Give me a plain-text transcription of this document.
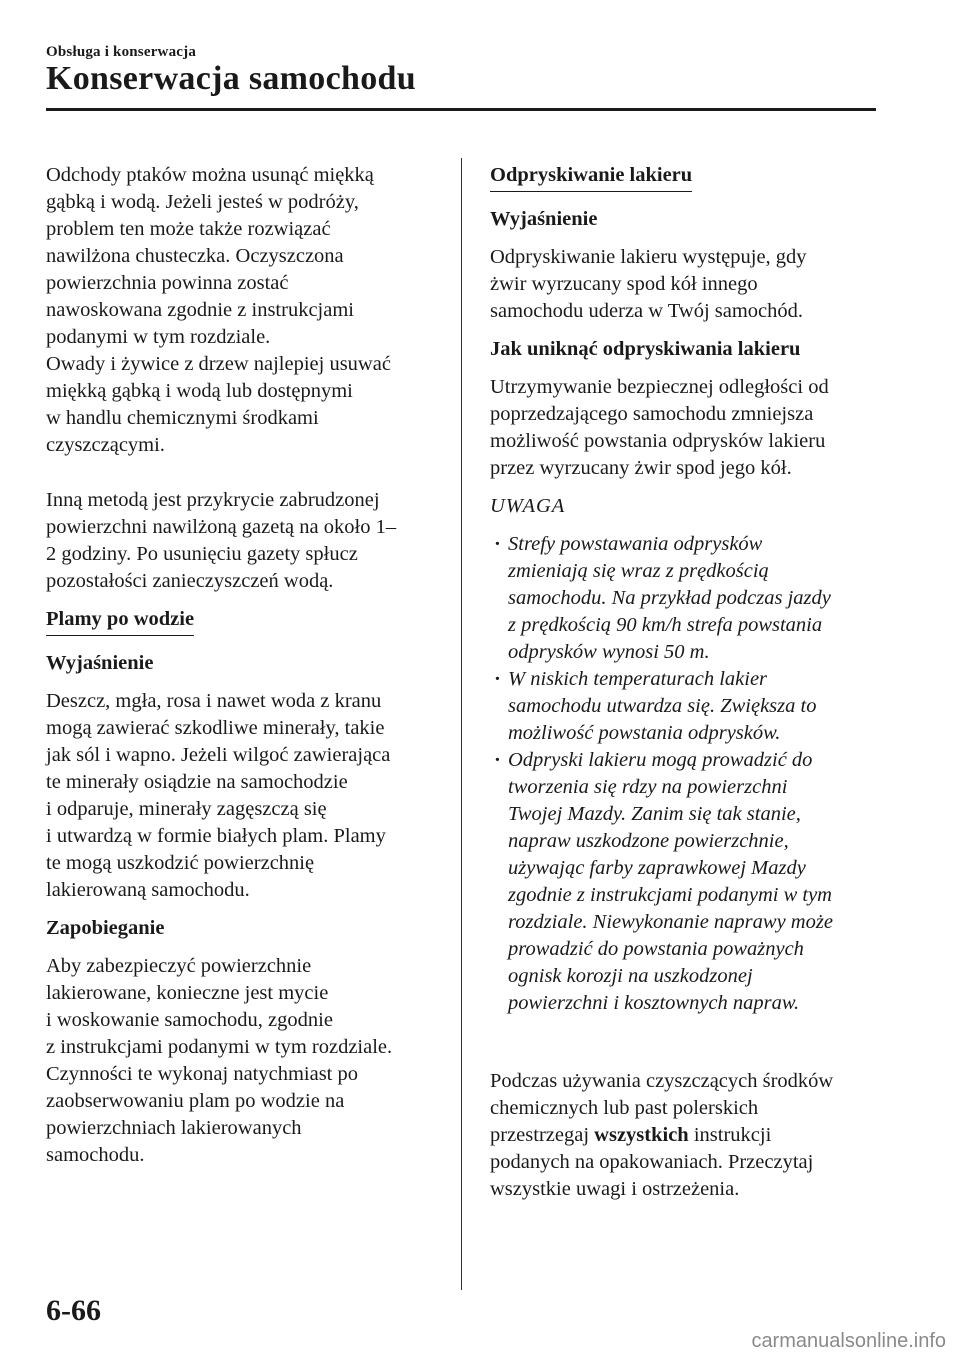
Obsługa i konserwacja
Konserwacja samochodu

Odchody ptaków można usunąć miękką
gąbką i wodą. Jeżeli jesteś w podróży,
problem ten może także rozwiązać
nawilżona chusteczka. Oczyszczona
powierzchnia powinna zostać
nawoskowana zgodnie z instrukcjami
podanymi w tym rozdziale.
Owady i żywice z drzew najlepiej usuwać
miękką gąbką i wodą lub dostępnymi
w handlu chemicznymi środkami
czyszczącymi.

Inną metodą jest przykrycie zabrudzonej
powierzchni nawilżoną gazetą na około 1–
2 godziny. Po usunięciu gazety spłucz
pozostałości zanieczyszczeń wodą.

Plamy po wodzie
Wyjaśnienie

Deszcz, mgła, rosa i nawet woda z kranu
mogą zawierać szkodliwe minerały, takie
jak sól i wapno. Jeżeli wilgoć zawierająca
te minerały osiądzie na samochodzie
i odparuje, minerały zagęszczą się
i utwardzą w formie białych plam. Plamy
te mogą uszkodzić powierzchnię
lakierowaną samochodu.

Zapobieganie

Aby zabezpieczyć powierzchnie
lakierowane, konieczne jest mycie
i woskowanie samochodu, zgodnie
z instrukcjami podanymi w tym rozdziale.
Czynności te wykonaj natychmiast po
zaobserwowaniu plam po wodzie na
powierzchniach lakierowanych
samochodu.

Odpryskiwanie lakieru
Wyjaśnienie

Odpryskiwanie lakieru występuje, gdy
żwir wyrzucany spod kół innego
samochodu uderza w Twój samochód.

Jak uniknąć odpryskiwania lakieru

Utrzymywanie bezpiecznej odległości od
poprzedzającego samochodu zmniejsza
możliwość powstania odprysków lakieru
przez wyrzucany żwir spod jego kół.

UWAGA
· Strefy powstawania odprysków
zmieniają się wraz z prędkością
samochodu. Na przykład podczas jazdy
z prędkością 90 km/h strefa powstania
odprysków wynosi 50 m.
· W niskich temperaturach lakier
samochodu utwardza się. Zwiększa to
możliwość powstania odprysków.
· Odpryski lakieru mogą prowadzić do
tworzenia się rdzy na powierzchni
Twojej Mazdy. Zanim się tak stanie,
napraw uszkodzone powierzchnie,
używając farby zaprawkowej Mazdy
zgodnie z instrukcjami podanymi w tym
rozdziale. Niewykonanie naprawy może
prowadzić do powstania poważnych
ognisk korozji na uszkodzonej
powierzchni i kosztownych napraw.

Podczas używania czyszczących środków
chemicznych lub past polerskich
przestrzegaj wszystkich instrukcji
podanych na opakowaniach. Przeczytaj
wszystkie uwagi i ostrzeżenia.

6-66
carmanualsonline.info
